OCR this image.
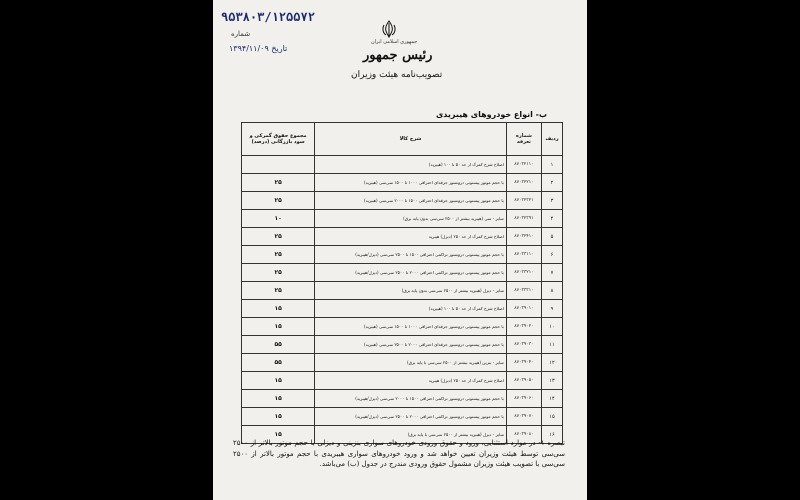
۹۵۳۸۰۳/۱۲۵۵۷۲
شماره
تاریخ ۱۳۹۴/۱۱/۰۹
جمهوری اسلامی ایران
رئیس جمهور
تصویب‌نامه هیئت وزیران
ب- انواع خودروهای هیبریدی
ردیف	شماره تعرفه	شرح کالا	مجموع حقوق گمرکی و سود بازرگانی (درصد)
۱	۸۷۰۳۲۱۱۰	اصلاح شرح کمرک از حد ۵۰ تا ۱۰۰ (هیبرید)	
۲	۸۷۰۳۲۲۱۰	با حجم موتور پیستونی درونسوز جرقه‌ای احتراقی ۱۰۰۰ تا ۱۵۰۰ سی‌سی (هیبرید)	۲۵
۳	۸۷۰۳۲۳۲۱	با حجم موتور پیستونی درونسوز جرقه‌ای احتراقی ۱۵۰۰ تا ۲۰۰۰ سی‌سی (هیبرید)	۲۵
۴	۸۷۰۳۲۳۹۱	سایر - سی (هیبرید بیشتر از ۲۵۰۰ سی‌سی بدون پایه برق)	۱۰
۵	۸۷۰۳۲۴۱۰	اصلاح شرح کمرک از حد ۲۵۰ (دیزل) هیبرید	۲۵
۶	۸۷۰۳۳۱۱۰	با حجم موتور پیستونی درونسوز تراکمی احتراقی ۱۵۰۰ تا ۲۵۰۰ سی‌سی (دیزل/هیبرید)	۲۵
۷	۸۷۰۳۳۲۱۰	با حجم موتور پیستونی درونسوز تراکمی احتراقی ۲۰۰۰ تا ۲۵۰۰ سی‌سی (دیزل/هیبرید)	۲۵
۸	۸۷۰۳۳۳۱۰	سایر - دیزل (هیبرید بیشتر از ۲۵۰۰ سی‌سی بدون پایه برق)	۲۵
۹	۸۷۰۳۹۰۱۰	اصلاح شرح کمرک از حد ۵۰ تا ۱۰۰ (هیبرید)	۱۵
۱۰	۸۷۰۳۹۰۲۰	با حجم موتور پیستونی درونسوز جرقه‌ای احتراقی ۱۰۰۰ تا ۱۵۰۰ سی‌سی (هیبرید)	۱۵
۱۱	۸۷۰۳۹۰۳۰	با حجم موتور پیستونی درونسوز جرقه‌ای احتراقی ۲۰۰۰ تا ۲۵۰۰ سی‌سی (هیبرید)	۵۵
۱۲	۸۷۰۳۹۰۴۰	سایر - بنزین (هیبرید بیشتر از ۲۵۰۰ سی‌سی با پایه برق)	۵۵
۱۳	۸۷۰۳۹۰۵۰	اصلاح شرح کمرک از حد ۲۵۰ (دیزل) هیبرید	۱۵
۱۴	۸۷۰۳۹۰۶۰	با حجم موتور پیستونی درونسوز تراکمی احتراقی ۱۵۰۰ تا ۲۰۰۰ سی‌سی (دیزل/هیبرید)	۱۵
۱۵	۸۷۰۳۹۰۷۰	با حجم موتور پیستونی درونسوز تراکمی احتراقی ۲۰۰۰ تا ۲۵۰۰ سی‌سی (دیزل/هیبرید)	۱۵
۱۶	۸۷۰۳۹۰۸۰	سایر - دیزل (هیبرید بیشتر از ۲۵۰۰ سی‌سی با پایه برق)	۱۵
تبصره ۱- در موارد استثنایی، ورود و حقوق ورودی خودروهای سواری بنزینی و دیزلی با حجم موتور بالاتر از ۲۵۰۰ سی‌سی توسط هیئت وزیران تعیین خواهد شد و ورود خودروهای سواری هیبریدی با حجم موتور بالاتر از ۲۵۰۰ سی‌سی با تصویب هیئت وزیران مشمول حقوق ورودی مندرج در جدول (ب) می‌باشد.
